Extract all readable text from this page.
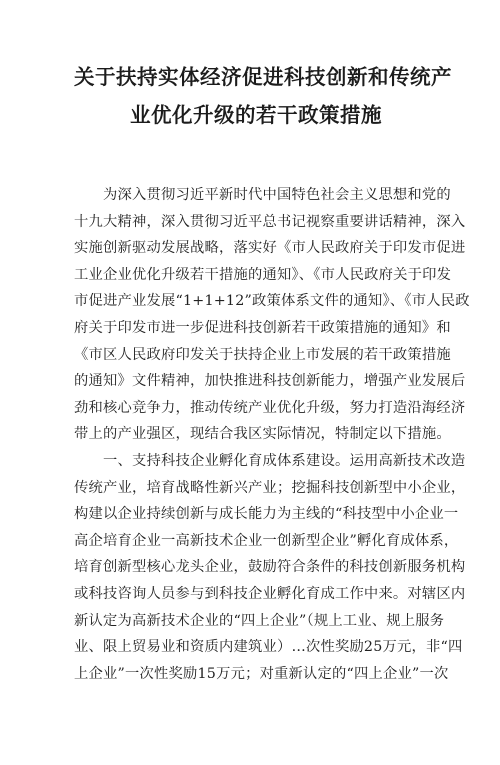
关于扶持实体经济促进科技创新和传统产
业优化升级的若干政策措施
为深入贯彻习近平新时代中国特色社会主义思想和党的
十九大精神，深入贯彻习近平总书记视察重要讲话精神，深入
实施创新驱动发展战略，落实好《市人民政府关于印发市促进
工业企业优化升级若干措施的通知》、《市人民政府关于印发
市促进产业发展“1+1+12”政策体系文件的通知》、《市人民政
府关于印发市进一步促进科技创新若干政策措施的通知》和
《市区人民政府印发关于扶持企业上市发展的若干政策措施
的通知》文件精神，加快推进科技创新能力，增强产业发展后
劲和核心竞争力，推动传统产业优化升级，努力打造沿海经济
带上的产业强区，现结合我区实际情况，特制定以下措施。
一、支持科技企业孵化育成体系建设。运用高新技术改造
传统产业，培育战略性新兴产业；挖掘科技创新型中小企业，
构建以企业持续创新与成长能力为主线的“科技型中小企业一
高企培育企业一高新技术企业一创新型企业”孵化育成体系，
培育创新型核心龙头企业，鼓励符合条件的科技创新服务机构
或科技咨询人员参与到科技企业孵化育成工作中来。对辖区内
新认定为高新技术企业的“四上企业”（规上工业、规上服务
业、限上贸易业和资质内建筑业）…次性奖励25万元，非“四
上企业”一次性奖励15万元；对重新认定的“四上企业”一次
